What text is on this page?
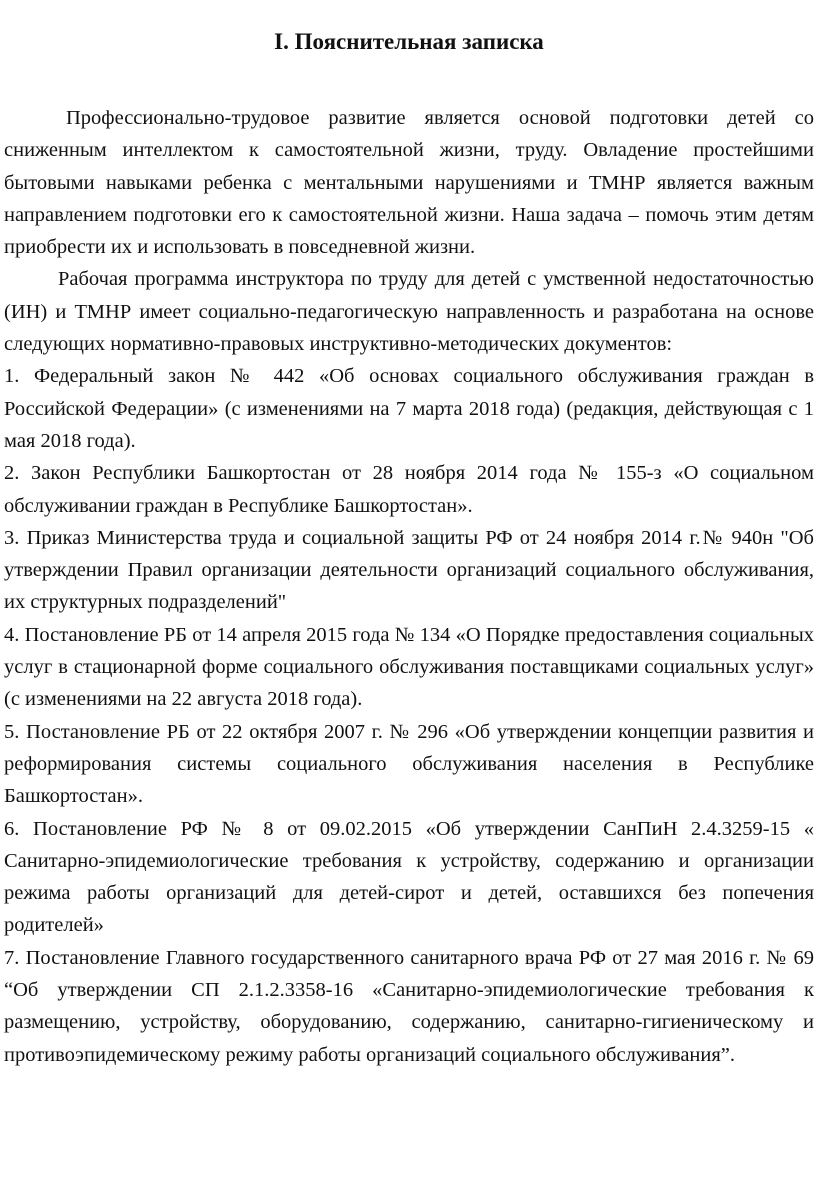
I. Пояснительная записка

Профессионально-трудовое развитие является основой подготовки детей со сниженным интеллектом к самостоятельной жизни, труду. Овладение простейшими бытовыми навыками ребенка с ментальными нарушениями и ТМНР является важным направлением подготовки его к самостоятельной жизни. Наша задача – помочь этим детям приобрести их и использовать в повседневной жизни.

Рабочая программа инструктора по труду для детей с умственной недостаточностью (ИН) и ТМНР имеет социально-педагогическую направленность и разработана на основе следующих нормативно-правовых инструктивно-методических документов:

1. Федеральный закон № 442 «Об основах социального обслуживания граждан в Российской Федерации» (с изменениями на 7 марта 2018 года) (редакция, действующая с 1 мая 2018 года).

2. Закон Республики Башкортостан от 28 ноября 2014 года № 155-з «О социальном обслуживании граждан в Республике Башкортостан».

3. Приказ Министерства труда и социальной защиты РФ от 24 ноября 2014 г.№ 940н "Об утверждении Правил организации деятельности организаций социального обслуживания, их структурных подразделений"

4. Постановление РБ от 14 апреля 2015 года № 134 «О Порядке предоставления социальных услуг в стационарной форме социального обслуживания поставщиками социальных услуг» (с изменениями на 22 августа 2018 года).

5. Постановление РБ от 22 октября 2007 г. № 296 «Об утверждении концепции развития и реформирования системы социального обслуживания населения в Республике Башкортостан».

6. Постановление РФ № 8 от 09.02.2015 «Об утверждении СанПиН 2.4.3259-15 « Санитарно-эпидемиологические требования к устройству, содержанию и организации режима работы организаций для детей-сирот и детей, оставшихся без попечения родителей»

7. Постановление Главного государственного санитарного врача РФ от 27 мая 2016 г. № 69 “Об утверждении СП 2.1.2.3358-16 «Санитарно-эпидемиологические требования к размещению, устройству, оборудованию, содержанию, санитарно-гигиеническому и противоэпидемическому режиму работы организаций социального обслуживания”.
